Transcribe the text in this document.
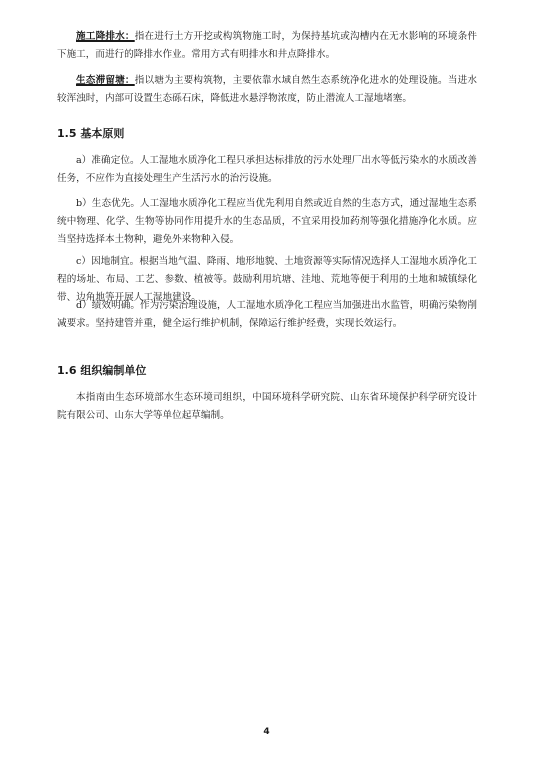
施工降排水：指在进行土方开挖或构筑物施工时，为保持基坑或沟槽内在无水影响的环境条件下施工，而进行的降排水作业。常用方式有明排水和井点降排水。

生态滞留塘：指以塘为主要构筑物，主要依靠水域自然生态系统净化进水的处理设施。当进水较浑浊时，内部可设置生态砾石床，降低进水悬浮物浓度，防止潜流人工湿地堵塞。

1.5 基本原则

a）准确定位。人工湿地水质净化工程只承担达标排放的污水处理厂出水等低污染水的水质改善任务，不应作为直接处理生产生活污水的治污设施。

b）生态优先。人工湿地水质净化工程应当优先利用自然或近自然的生态方式，通过湿地生态系统中物理、化学、生物等协同作用提升水的生态品质，不宜采用投加药剂等强化措施净化水质。应当坚持选择本土物种，避免外来物种入侵。

c）因地制宜。根据当地气温、降雨、地形地貌、土地资源等实际情况选择人工湿地水质净化工程的场址、布局、工艺、参数、植被等。鼓励利用坑塘、洼地、荒地等便于利用的土地和城镇绿化带、边角地等开展人工湿地建设。

d）绩效明确。作为污染治理设施，人工湿地水质净化工程应当加强进出水监管，明确污染物削减要求。坚持建管并重，健全运行维护机制，保障运行维护经费，实现长效运行。

1.6 组织编制单位

本指南由生态环境部水生态环境司组织，中国环境科学研究院、山东省环境保护科学研究设计院有限公司、山东大学等单位起草编制。

4
